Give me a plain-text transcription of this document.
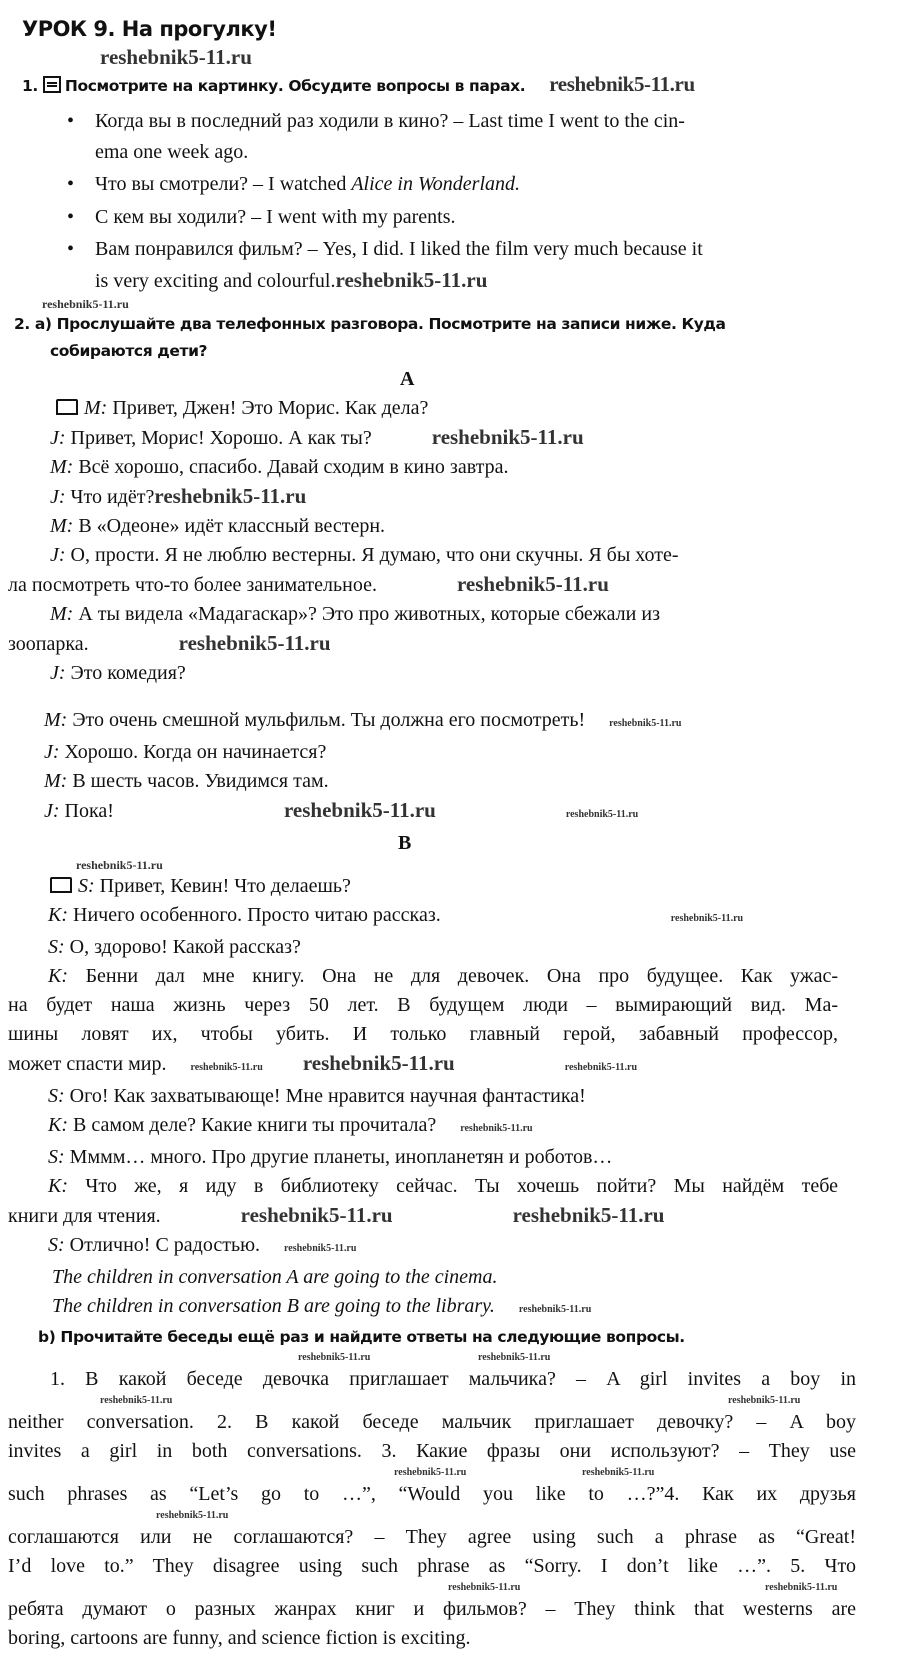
УРОК 9. На прогулку!
reshebnik5-11.ru
1. Посмотрите на картинку. Обсудите вопросы в парах. reshebnik5-11.ru
• Когда вы в последний раз ходили в кино? – Last time I went to the cin-
ema one week ago.
• Что вы смотрели? – I watched Alice in Wonderland.
• С кем вы ходили? – I went with my parents.
• Вам понравился фильм? – Yes, I did. I liked the film very much because it
is very exciting and colourful.reshebnik5-11.ru
reshebnik5-11.ru
2. а) Прослушайте два телефонных разговора. Посмотрите на записи ниже. Куда
собираются дети?
A
M: Привет, Джен! Это Морис. Как дела?
J: Привет, Морис! Хорошо. А как ты?	reshebnik5-11.ru
M: Всё хорошо, спасибо. Давай сходим в кино завтра.
J: Что идёт?reshebnik5-11.ru
M: В «Одеоне» идёт классный вестерн.
J: О, прости. Я не люблю вестерны. Я думаю, что они скучны. Я бы хоте-
ла посмотреть что-то более занимательное.	reshebnik5-11.ru
M: А ты видела «Мадагаскар»? Это про животных, которые сбежали из
зоопарка.	reshebnik5-11.ru
J: Это комедия?
M: Это очень смешной мульфильм. Ты должна его посмотреть! reshebnik5-11.ru
J: Хорошо. Когда он начинается?
M: В шесть часов. Увидимся там.
J: Пока!	reshebnik5-11.ru	reshebnik5-11.ru
B
reshebnik5-11.ru
S: Привет, Кевин! Что делаешь?
K: Ничего особенного. Просто читаю рассказ.	reshebnik5-11.ru
S: О, здорово! Какой рассказ?
K: Бенни дал мне книгу. Она не для девочек. Она про будущее. Как ужас-
на будет наша жизнь через 50 лет. В будущем люди – вымирающий вид. Ма-
шины ловят их, чтобы убить. И только главный герой, забавный профессор,
может спасти мир. reshebnik5-11.ru reshebnik5-11.ru	reshebnik5-11.ru
S: Ого! Как захватывающе! Мне нравится научная фантастика!
K: В самом деле? Какие книги ты прочитала? reshebnik5-11.ru
S: Мммм… много. Про другие планеты, инопланетян и роботов…
K: Что же, я иду в библиотеку сейчас. Ты хочешь пойти? Мы найдём тебе
книги для чтения.	reshebnik5-11.ru	reshebnik5-11.ru
S: Отлично! С радостью. reshebnik5-11.ru
The children in conversation A are going to the cinema.
The children in conversation B are going to the library. reshebnik5-11.ru
b) Прочитайте беседы ещё раз и найдите ответы на следующие вопросы.
reshebnik5-11.ru	reshebnik5-11.ru
1. В какой беседе девочка приглашает мальчика? – A girl invites a boy in
reshebnik5-11.ru	reshebnik5-11.ru
neither conversation. 2. В какой беседе мальчик приглашает девочку? – A boy
invites a girl in both conversations. 3. Какие фразы они используют? – They use
reshebnik5-11.ru	reshebnik5-11.ru
such phrases as “Let’s go to …”, “Would you like to …?”4. Как их друзья
reshebnik5-11.ru
соглашаются или не соглашаются? – They agree using such a phrase as “Great!
I’d love to.” They disagree using such phrase as “Sorry. I don’t like …”. 5. Что
reshebnik5-11.ru	reshebnik5-11.ru
ребята думают о разных жанрах книг и фильмов? – They think that westerns are
boring, cartoons are funny, and science fiction is exciting.
